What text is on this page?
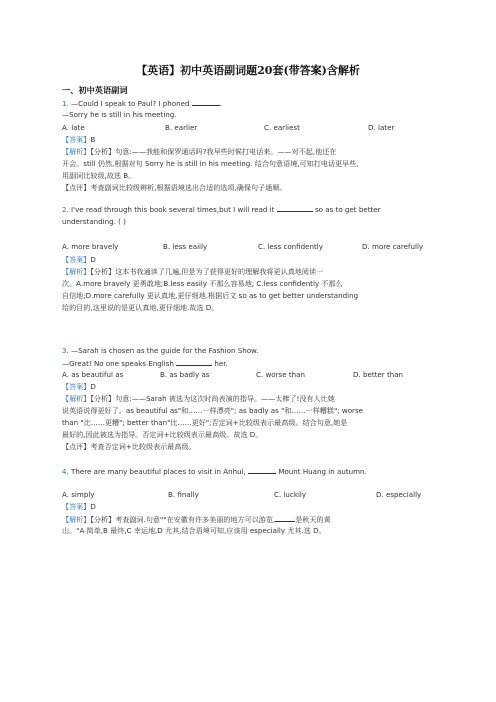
【英语】初中英语副词题20套(带答案)含解析
一、初中英语副词
1. —Could I speak to Paul? I phoned	.
—Sorry he is still in his meeting.
A. late	B. earlier	C. earliest	D. later
【答案】B
【解析】【分析】句意:——我能和保罗通话吗?我早些时候打电话来。——对不起,他还在
开会。still 仍然,根据对句 Sorry he is still in his meeting. 结合句意语境,可知打电话更早些,
用副词比较级,故选 B。
【点评】考查副词比较级辨析,根据语境选出合适的选项,确保句子通顺。
2. I've read through this book several times,but I will read it	so as to get better
understanding. ( )
A. more bravely	B. less eaiily	C. less confidently	D. more carefully
【答案】D
【解析】【分析】这本书我通读了几遍,但是为了获得更好的理解我将更认真地阅读一
次。A.more bravely 更勇敢地;B.less easily 不那么容易地; C.less confidently 不那么
自信地;D.more carefully 更认真地,更仔细地.根据后文 so as to get better understanding
给的目的,这里说的是更认真地,更仔细地.故选 D。
3. —Sarah is chosen as the guide for the Fashion Show.
—Great! No one speaks English	her.
A. as beautiful as	B. as badly as	C. worse than	D. better than
【答案】D
【解析】【分析】句意:——Sarah 被选为这次时尚表演的指导。——太棒了!没有人比她
说英语说得更好了。as beautiful as"和……一样漂亮"; as badly as "和……一样糟糕"; worse
than "比……更糟"; better than"比……更好";否定词+比较级表示最高级。结合句意,她是
最好的,因此被选为指导。否定词+比较级表示最高级。故选 D。
【点评】考查否定词+比较级表示最高级。
4. There are many beautiful places to visit in Anhui,	Mount Huang in autumn.
A. simply	B. finally	C. luckily	D. especially
【答案】D
【解析】【分析】考查副词.句意""在安徽有许多美丽的地方可以游览,	是秋天的黄
山。"A 简单,B 最终,C 幸运地,D 尤其,结合语境可知,应该用 especially 尤其.选 D。
